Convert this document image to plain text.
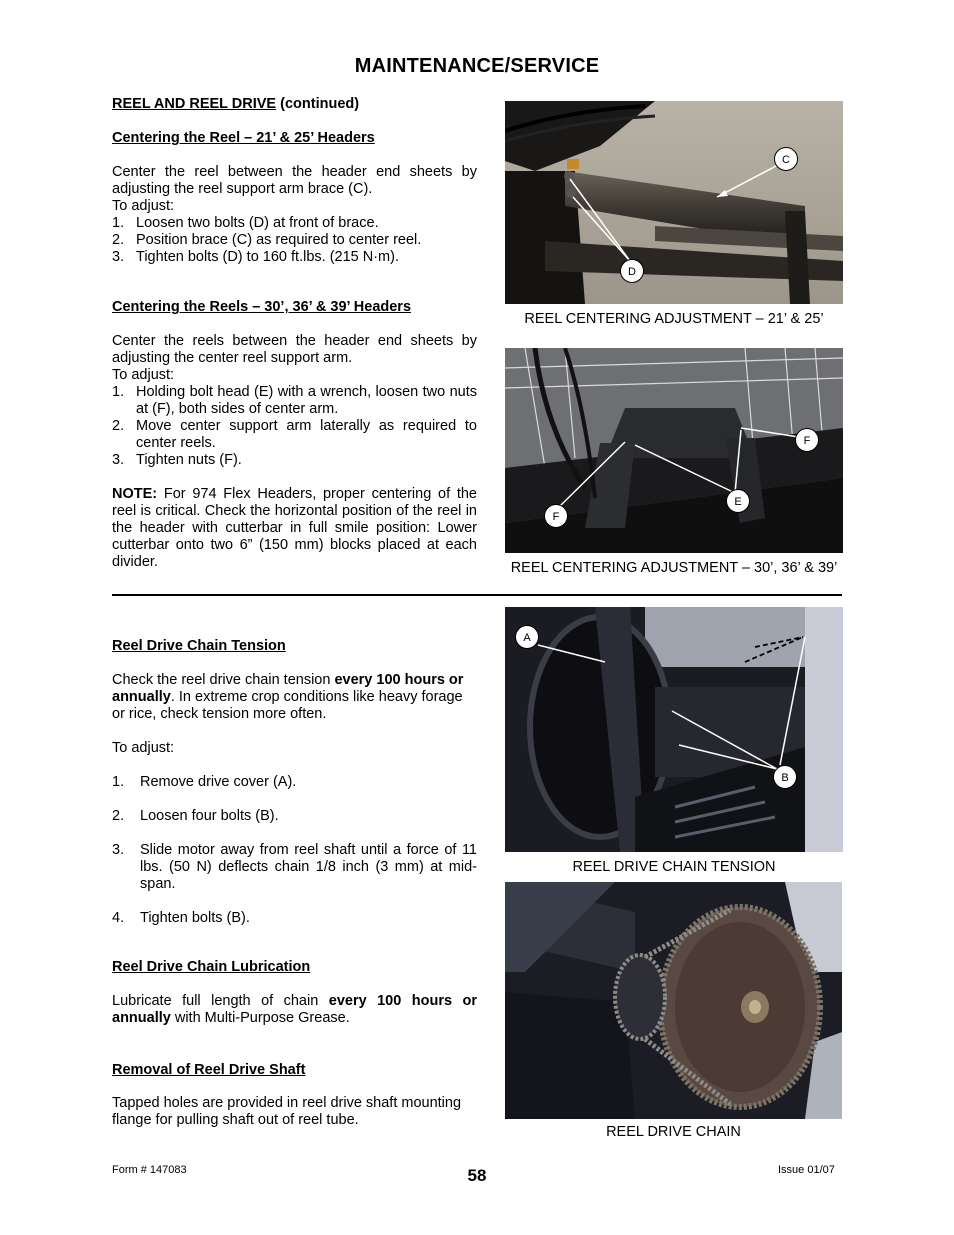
MAINTENANCE/SERVICE
REEL AND REEL DRIVE (continued)
Centering the Reel – 21’ & 25’ Headers
Center the reel between the header end sheets by adjusting the reel support arm brace (C).
To adjust:
1. Loosen two bolts (D) at front of brace.
2. Position brace (C) as required to center reel.
3. Tighten bolts (D) to 160 ft.lbs. (215 N·m).
Centering the Reels – 30’, 36’ & 39’ Headers
Center the reels between the header end sheets by adjusting the center reel support arm.
To adjust:
1. Holding bolt head (E) with a wrench, loosen two nuts at (F), both sides of center arm.
2. Move center support arm laterally as required to center reels.
3. Tighten nuts (F).
NOTE: For 974 Flex Headers, proper centering of the reel is critical. Check the horizontal position of the reel in the header with cutterbar in full smile position: Lower cutterbar onto two 6” (150 mm) blocks placed at each divider.
C
D
REEL CENTERING ADJUSTMENT – 21’ & 25’
F
E
F
REEL CENTERING ADJUSTMENT – 30’, 36’ & 39’
Reel Drive Chain Tension
Check the reel drive chain tension every 100 hours or annually. In extreme crop conditions like heavy forage or rice, check tension more often.
To adjust:
1.	Remove drive cover (A).
2.	Loosen four bolts (B).
3.	Slide motor away from reel shaft until a force of 11 lbs. (50 N) deflects chain 1/8 inch (3 mm) at mid-span.
4.	Tighten bolts (B).
Reel Drive Chain Lubrication
Lubricate full length of chain every 100 hours or annually with Multi-Purpose Grease.
Removal of Reel Drive Shaft
Tapped holes are provided in reel drive shaft mounting flange for pulling shaft out of reel tube.
A
B
REEL DRIVE CHAIN TENSION
REEL DRIVE CHAIN
Form # 147083	58	Issue 01/07
